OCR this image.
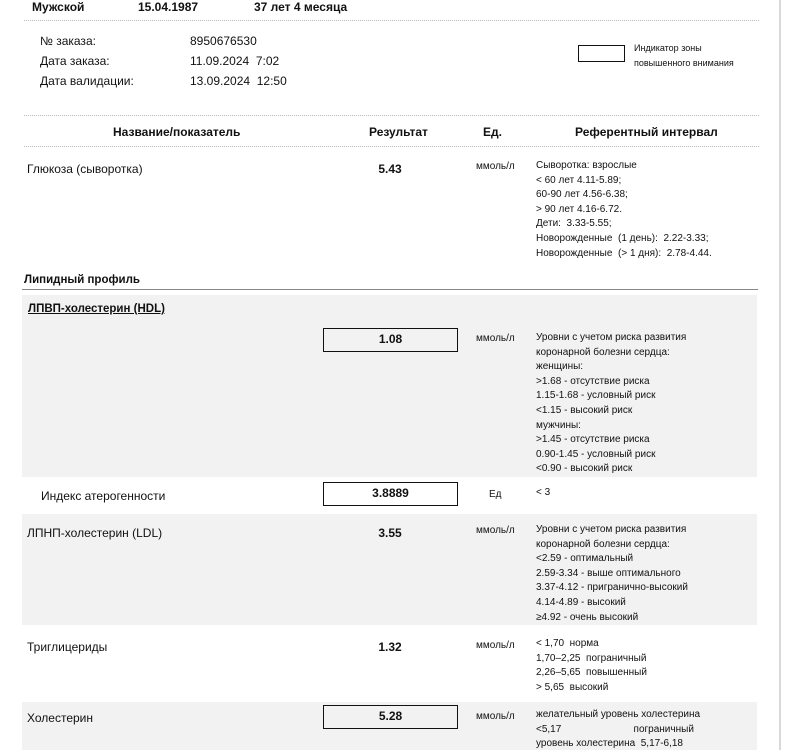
Мужской	15.04.1987	37 лет 4 месяца
№ заказа:	8950676530
Дата заказа:	11.09.2024  7:02
Дата валидации:	13.09.2024  12:50
Индикатор зоны
повышенного внимания
Название/показатель	Результат	Ед.	Референтный интервал
Глюкоза (сыворотка)	5.43	ммоль/л Сыворотка: взрослые
< 60 лет 4.11-5.89;
60-90 лет 4.56-6.38;
> 90 лет 4.16-6.72.
Дети:  3.33-5.55;
Новорожденные  (1 день):  2.22-3.33;
Новорожденные  (> 1 дня):  2.78-4.44.
Липидный профиль
ЛПВП-холестерин (HDL)
1.08	ммоль/л Уровни с учетом риска развития
коронарной болезни сердца:
женщины:
>1.68 - отсутствие риска
1.15-1.68 - условный риск
<1.15 - высокий риск
мужчины:
>1.45 - отсутствие риска
0.90-1.45 - условный риск
<0.90 - высокий риск
Индекс атерогенности	3.8889	Ед	< 3
ЛПНП-холестерин (LDL)	3.55	ммоль/л Уровни с учетом риска развития
коронарной болезни сердца:
<2.59 - оптимальный
2.59-3.34 - выше оптимального
3.37-4.12 - пригранично-высокий
4.14-4.89 - высокий
≥4.92 - очень высокий
Триглицериды	1.32	ммоль/л < 1,70  норма
1,70–2,25  пограничный
2,26–5,65  повышенный
> 5,65  высокий
Холестерин	5.28	ммоль/л желательный уровень холестерина
<5,17                          пограничный
уровень холестерина  5,17-6,18
